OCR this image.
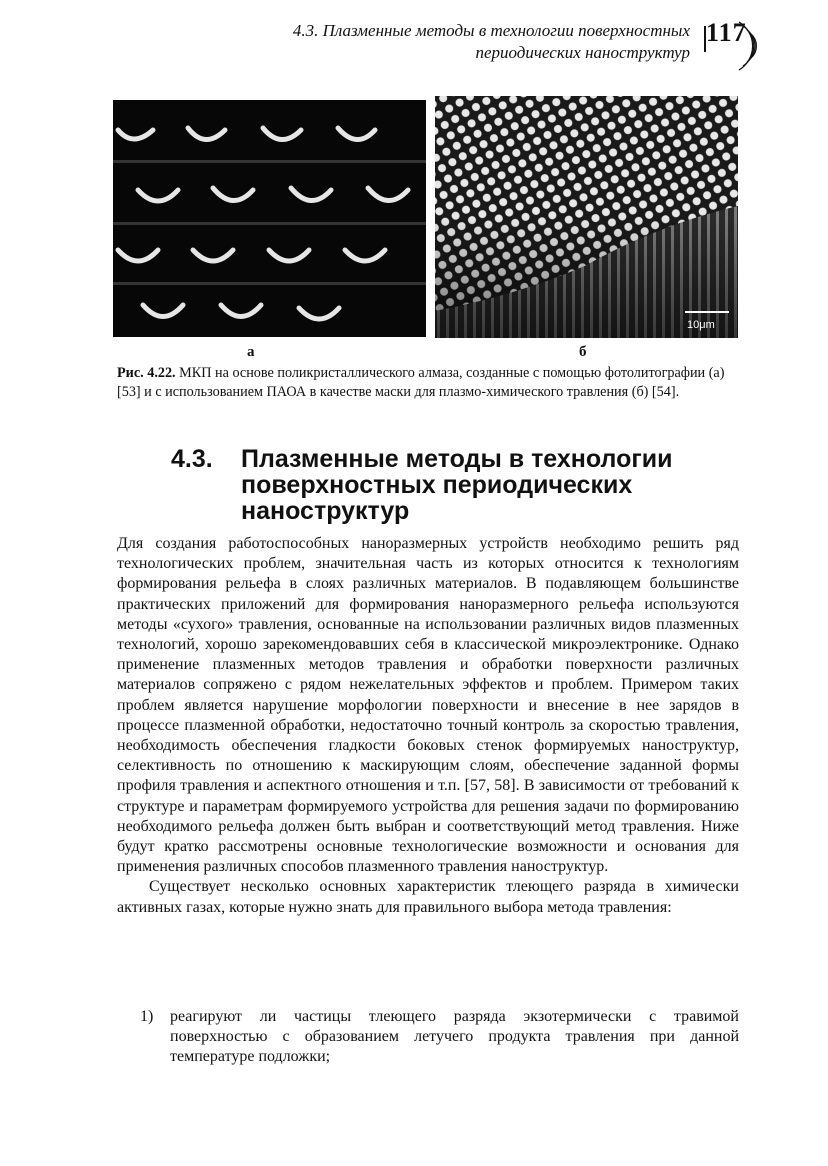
4.3. Плазменные методы в технологии поверхностных
периодических наноструктур
117
10μm
а	б
Рис. 4.22. МКП на основе поликристаллического алмаза, созданные с помощью фотолитографии (а) [53] и с использованием ПАОА в качестве маски для плазмо-химического травления (б) [54].
4.3.	Плазменные методы в технологии поверхностных периодических наноструктур

Для создания работоспособных наноразмерных устройств необходимо решить ряд технологических проблем, значительная часть из которых относится к технологиям формирования рельефа в слоях различных материалов. В подавляющем большинстве практических приложений для формирования наноразмерного рельефа используются методы «сухого» травления, основанные на использовании различных видов плазменных технологий, хорошо зарекомендовавших себя в классической микроэлектронике. Однако применение плазменных методов травления и обработки поверхности различных материалов сопряжено с рядом нежелательных эффектов и проблем. Примером таких проблем является нарушение морфологии поверхности и внесение в нее зарядов в процессе плазменной обработки, недостаточно точный контроль за скоростью травления, необходимость обеспечения гладкости боковых стенок формируемых наноструктур, селективность по отношению к маскирующим слоям, обеспечение заданной формы профиля травления и аспектного отношения и т.п. [57, 58]. В зависимости от требований к структуре и параметрам формируемого устройства для решения задачи по формированию необходимого рельефа должен быть выбран и соответствующий метод травления. Ниже будут кратко рассмотрены основные технологические возможности и основания для применения различных способов плазменного травления наноструктур.

Существует несколько основных характеристик тлеющего разряда в химически активных газах, которые нужно знать для правильного выбора метода травления:

1) реагируют ли частицы тлеющего разряда экзотермически с травимой поверхностью с образованием летучего продукта травления при данной температуре подложки;
